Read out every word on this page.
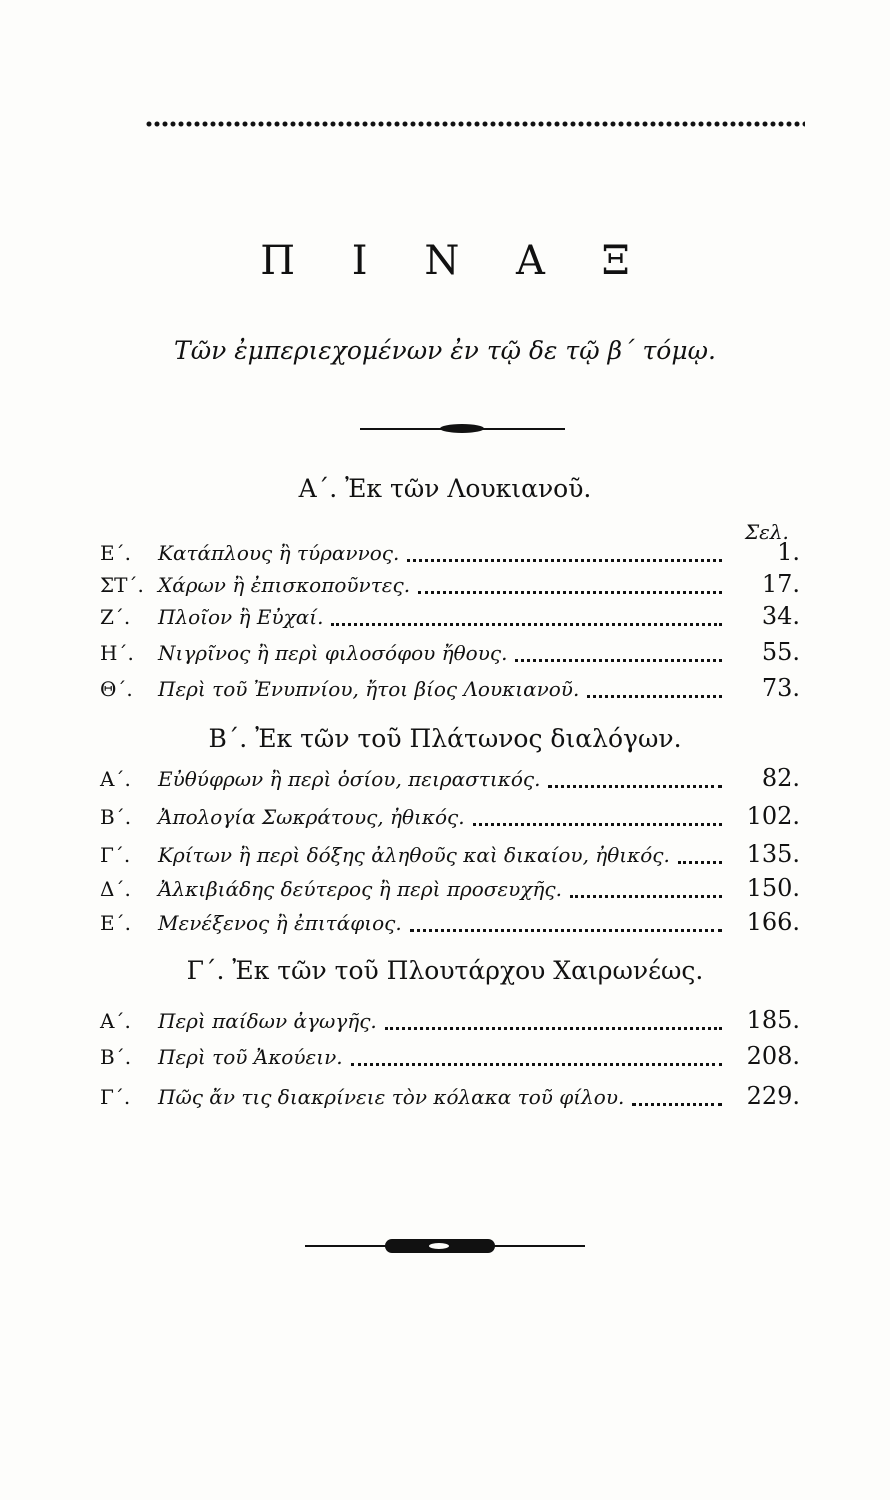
Π Ι Ν Α Ξ
Τῶν ἐμπεριεχομένων ἐν τῷ δε τῷ β΄ τόμῳ.
Α΄. Ἐκ τῶν Λουκιανοῦ.
Σελ.
Ε΄.	Κατάπλους ἢ τύραννος.	1.
ΣΤ΄. Χάρων ἢ ἐπισκοποῦντες.	17.
Ζ΄.	Πλοῖον ἢ Εὐχαί.	34.
Η΄.	Νιγρῖνος ἢ περὶ φιλοσόφου ἤθους.	55.
Θ΄.	Περὶ τοῦ Ἐνυπνίου, ἤτοι βίος Λουκιανοῦ.	73.
Β΄. Ἐκ τῶν τοῦ Πλάτωνος διαλόγων.
Α΄.	Εὐθύφρων ἢ περὶ ὁσίου, πειραστικός.	82.
Β΄.	Ἀπολογία Σωκράτους, ἠθικός.	102.
Γ΄.	Κρίτων ἢ περὶ δόξης ἀληθοῦς καὶ δικαίου, ἠθικός.	135.
Δ΄.	Ἀλκιβιάδης δεύτερος ἢ περὶ προσευχῆς.	150.
Ε΄.	Μενέξενος ἢ ἐπιτάφιος.	166.
Γ΄. Ἐκ τῶν τοῦ Πλουτάρχου Χαιρωνέως.
Α΄.	Περὶ παίδων ἀγωγῆς.	185.
Β΄.	Περὶ τοῦ Ἀκούειν.	208.
Γ΄.	Πῶς ἄν τις διακρίνειε τὸν κόλακα τοῦ φίλου.	229.
